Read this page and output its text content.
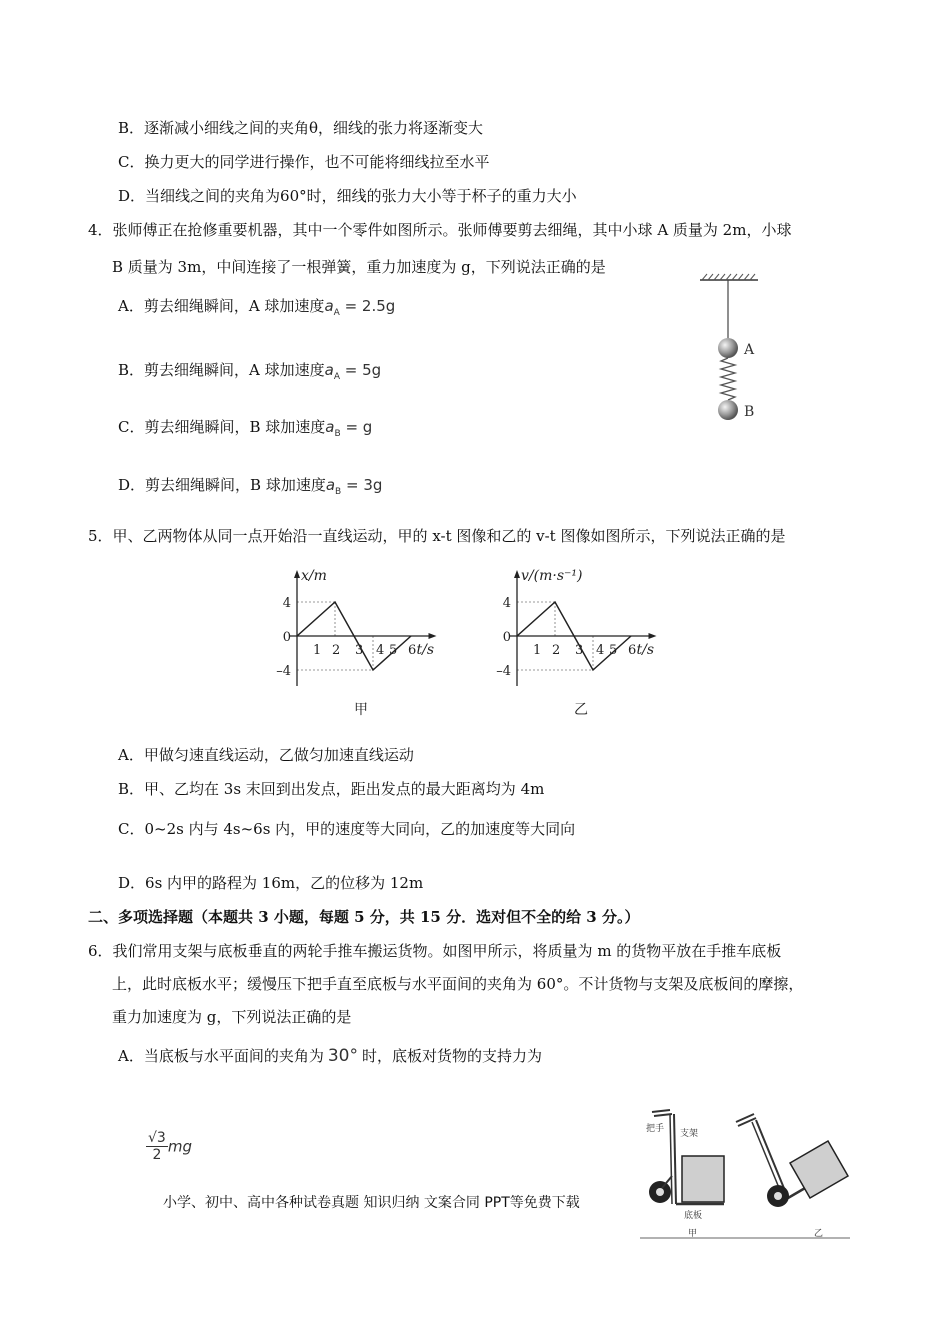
B．逐渐减小细线之间的夹角θ，细线的张力将逐渐变大
C．换力更大的同学进行操作，也不可能将细线拉至水平
D．当细线之间的夹角为60°时，细线的张力大小等于杯子的重力大小
4．张师傅正在抢修重要机器，其中一个零件如图所示。张师傅要剪去细绳，其中小球 A 质量为 2m，小球
B 质量为 3m，中间连接了一根弹簧，重力加速度为 g，下列说法正确的是
A．剪去细绳瞬间，A 球加速度$a_A = 2.5g$
B．剪去细绳瞬间，A 球加速度$a_A = 5g$
C．剪去细绳瞬间，B 球加速度$a_B = g$
D．剪去细绳瞬间，B 球加速度$a_B = 3g$
A
B
5．甲、乙两物体从同一点开始沿一直线运动，甲的 x-t 图像和乙的 v-t 图像如图所示，下列说法正确的是
1 2 3 4 5 6
4
0
–4
x/m
t/s
甲
1 2 3 4 5 6
4
0
–4
v/(m·s⁻¹)
t/s
乙
A．甲做匀速直线运动，乙做匀加速直线运动
B．甲、乙均在 3s 末回到出发点，距出发点的最大距离均为 4m
C．0~2s 内与 4s~6s 内，甲的速度等大同向，乙的加速度等大同向
D．6s 内甲的路程为 16m，乙的位移为 12m
二、多项选择题（本题共 3 小题，每题 5 分，共 15 分．选对但不全的给 3 分。）
6．我们常用支架与底板垂直的两轮手推车搬运货物。如图甲所示，将质量为 m 的货物平放在手推车底板
上，此时底板水平；缓慢压下把手直至底板与水平面间的夹角为 60°。不计货物与支架及底板间的摩擦，
重力加速度为 g，下列说法正确的是
A．当底板与水平面间的夹角为 30° 时，底板对货物的支持力为
$\frac{√3}{2}$ mg
把手 支架
底板
甲	乙
小学、初中、高中各种试卷真题 知识归纳 文案合同 PPT等免费下载
